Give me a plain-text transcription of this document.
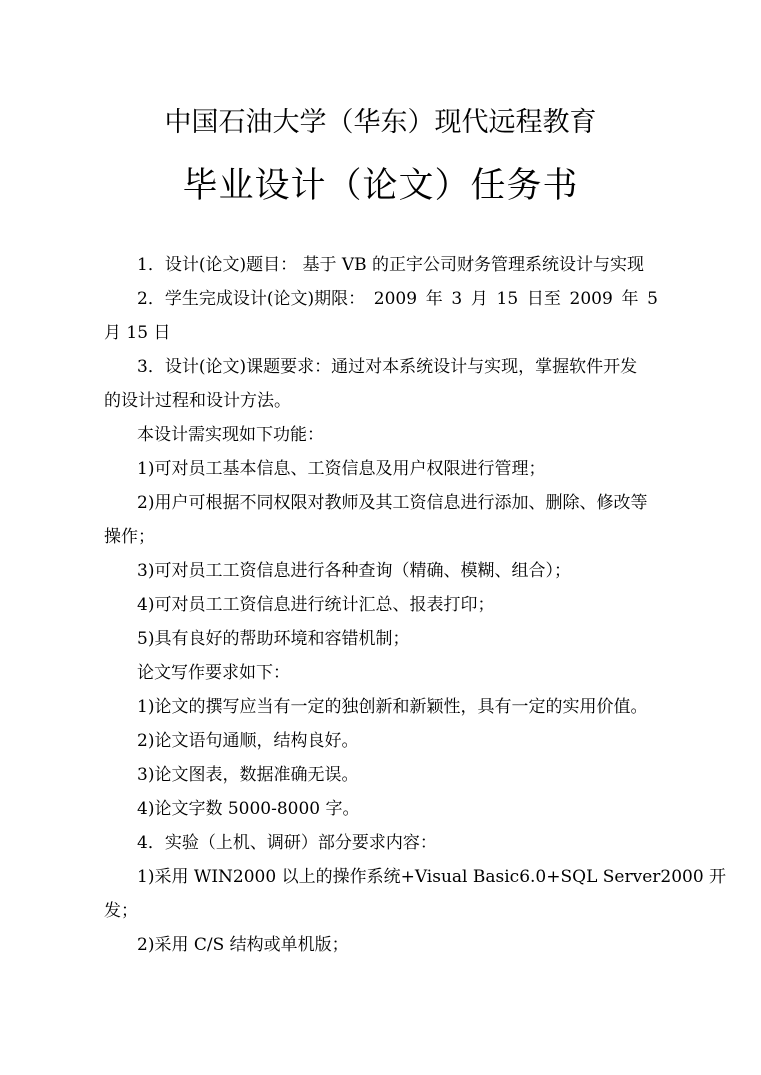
中国石油大学（华东）现代远程教育
毕业设计（论文）任务书
1．设计(论文)题目： 基于 VB 的正宇公司财务管理系统设计与实现
2．学生完成设计(论文)期限： 2009 年 3 月 15 日至 2009 年 5
月 15 日
3．设计(论文)课题要求：通过对本系统设计与实现，掌握软件开发
的设计过程和设计方法。
本设计需实现如下功能：
1)可对员工基本信息、工资信息及用户权限进行管理；
2)用户可根据不同权限对教师及其工资信息进行添加、删除、修改等
操作；
3)可对员工工资信息进行各种查询（精确、模糊、组合）；
4)可对员工工资信息进行统计汇总、报表打印；
5)具有良好的帮助环境和容错机制；
论文写作要求如下：
1)论文的撰写应当有一定的独创新和新颖性，具有一定的实用价值。
2)论文语句通顺，结构良好。
3)论文图表，数据准确无误。
4)论文字数 5000-8000 字。
4．实验（上机、调研）部分要求内容：
1)采用 WIN2000 以上的操作系统+Visual Basic6.0+SQL Server2000 开
发；
2)采用 C/S 结构或单机版；
